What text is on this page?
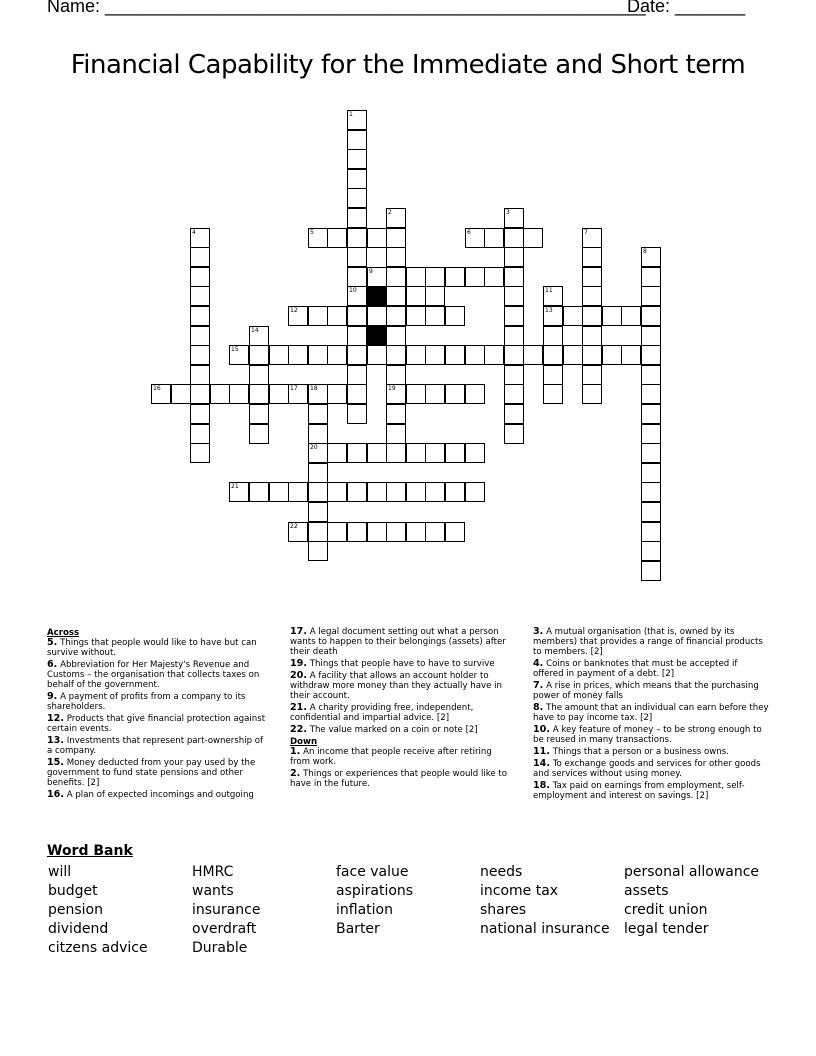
Name: ______________________________________________________
Date: _______
Financial Capability for the Immediate and Short term
1
10
2
19
3
4	5	6	7
8
9
11
13
12
14
15
16	17 18
20
21
22
Across
5. Things that people would like to have but can survive without.
6. Abbreviation for Her Majesty's Revenue and Customs – the organisation that collects taxes on behalf of the government.
9. A payment of profits from a company to its shareholders.
12. Products that give financial protection against certain events.
13. Investments that represent part-ownership of a company.
15. Money deducted from your pay used by the government to fund state pensions and other benefits. [2]
16. A plan of expected incomings and outgoing
17. A legal document setting out what a person wants to happen to their belongings (assets) after their death
19. Things that people have to have to survive
20. A facility that allows an account holder to withdraw more money than they actually have in their account.
21. A charity providing free, independent, confidential and impartial advice. [2]
22. The value marked on a coin or note [2]
Down
1. An income that people receive after retiring from work.
2. Things or experiences that people would like to have in the future.
3. A mutual organisation (that is, owned by its members) that provides a range of financial products to members. [2]
4. Coins or banknotes that must be accepted if offered in payment of a debt. [2]
7. A rise in prices, which means that the purchasing power of money falls
8. The amount that an individual can earn before they have to pay income tax. [2]
10. A key feature of money – to be strong enough to be reused in many transactions.
11. Things that a person or a business owns.
14. To exchange goods and services for other goods and services without using money.
18. Tax paid on earnings from employment, self-employment and interest on savings. [2]
Word Bank
will
budget
pension
dividend
citzens advice
HMRC
wants
insurance
overdraft
Durable
face value
aspirations
inflation
Barter
needs
income tax
shares
national insurance
personal allowance
assets
credit union
legal tender
